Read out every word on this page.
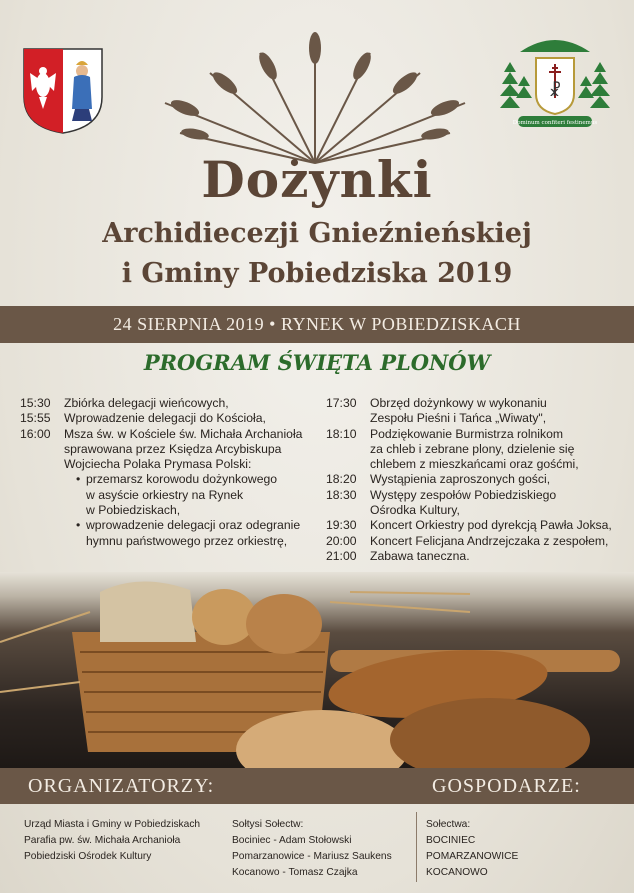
☧
Dominum confiteri festinemus
Dożynki
Archidiecezji Gnieźnieńskiej
i Gminy Pobiedziska 2019
24 SIERPNIA 2019 • RYNEK W POBIEDZISKACH
PROGRAM ŚWIĘTA PLONÓW
15:30	Zbiórka delegacji wieńcowych,
15:55	Wprowadzenie delegacji do Kościoła,
16:00	Msza św. w Kościele św. Michała Archanioła
sprawowana przez Księdza Arcybiskupa
Wojciecha Polaka Prymasa Polski:
• przemarsz korowodu dożynkowego
w asyście orkiestry na Rynek
w Pobiedziskach,
• wprowadzenie delegacji oraz odegranie
hymnu państwowego przez orkiestrę,
17:30	Obrzęd dożynkowy w wykonaniu
Zespołu Pieśni i Tańca „Wiwaty",
18:10	Podziękowanie Burmistrza rolnikom
za chleb i zebrane plony, dzielenie się
chlebem z mieszkańcami oraz gośćmi,
18:20	Wystąpienia zaproszonych gości,
18:30	Występy zespołów Pobiedziskiego
Ośrodka Kultury,
19:30	Koncert Orkiestry pod dyrekcją Pawła Joksa,
20:00	Koncert Felicjana Andrzejczaka z zespołem,
21:00	Zabawa taneczna.
ORGANIZATORZY:	GOSPODARZE:
Urząd Miasta i Gminy w Pobiedziskach
Parafia pw. św. Michała Archanioła
Pobiedziski Ośrodek Kultury
Sołtysi Sołectw:
Bociniec - Adam Stołowski
Pomarzanowice - Mariusz Saukens
Kocanowo - Tomasz Czajka
Sołectwa:
BOCINIEC
POMARZANOWICE
KOCANOWO
